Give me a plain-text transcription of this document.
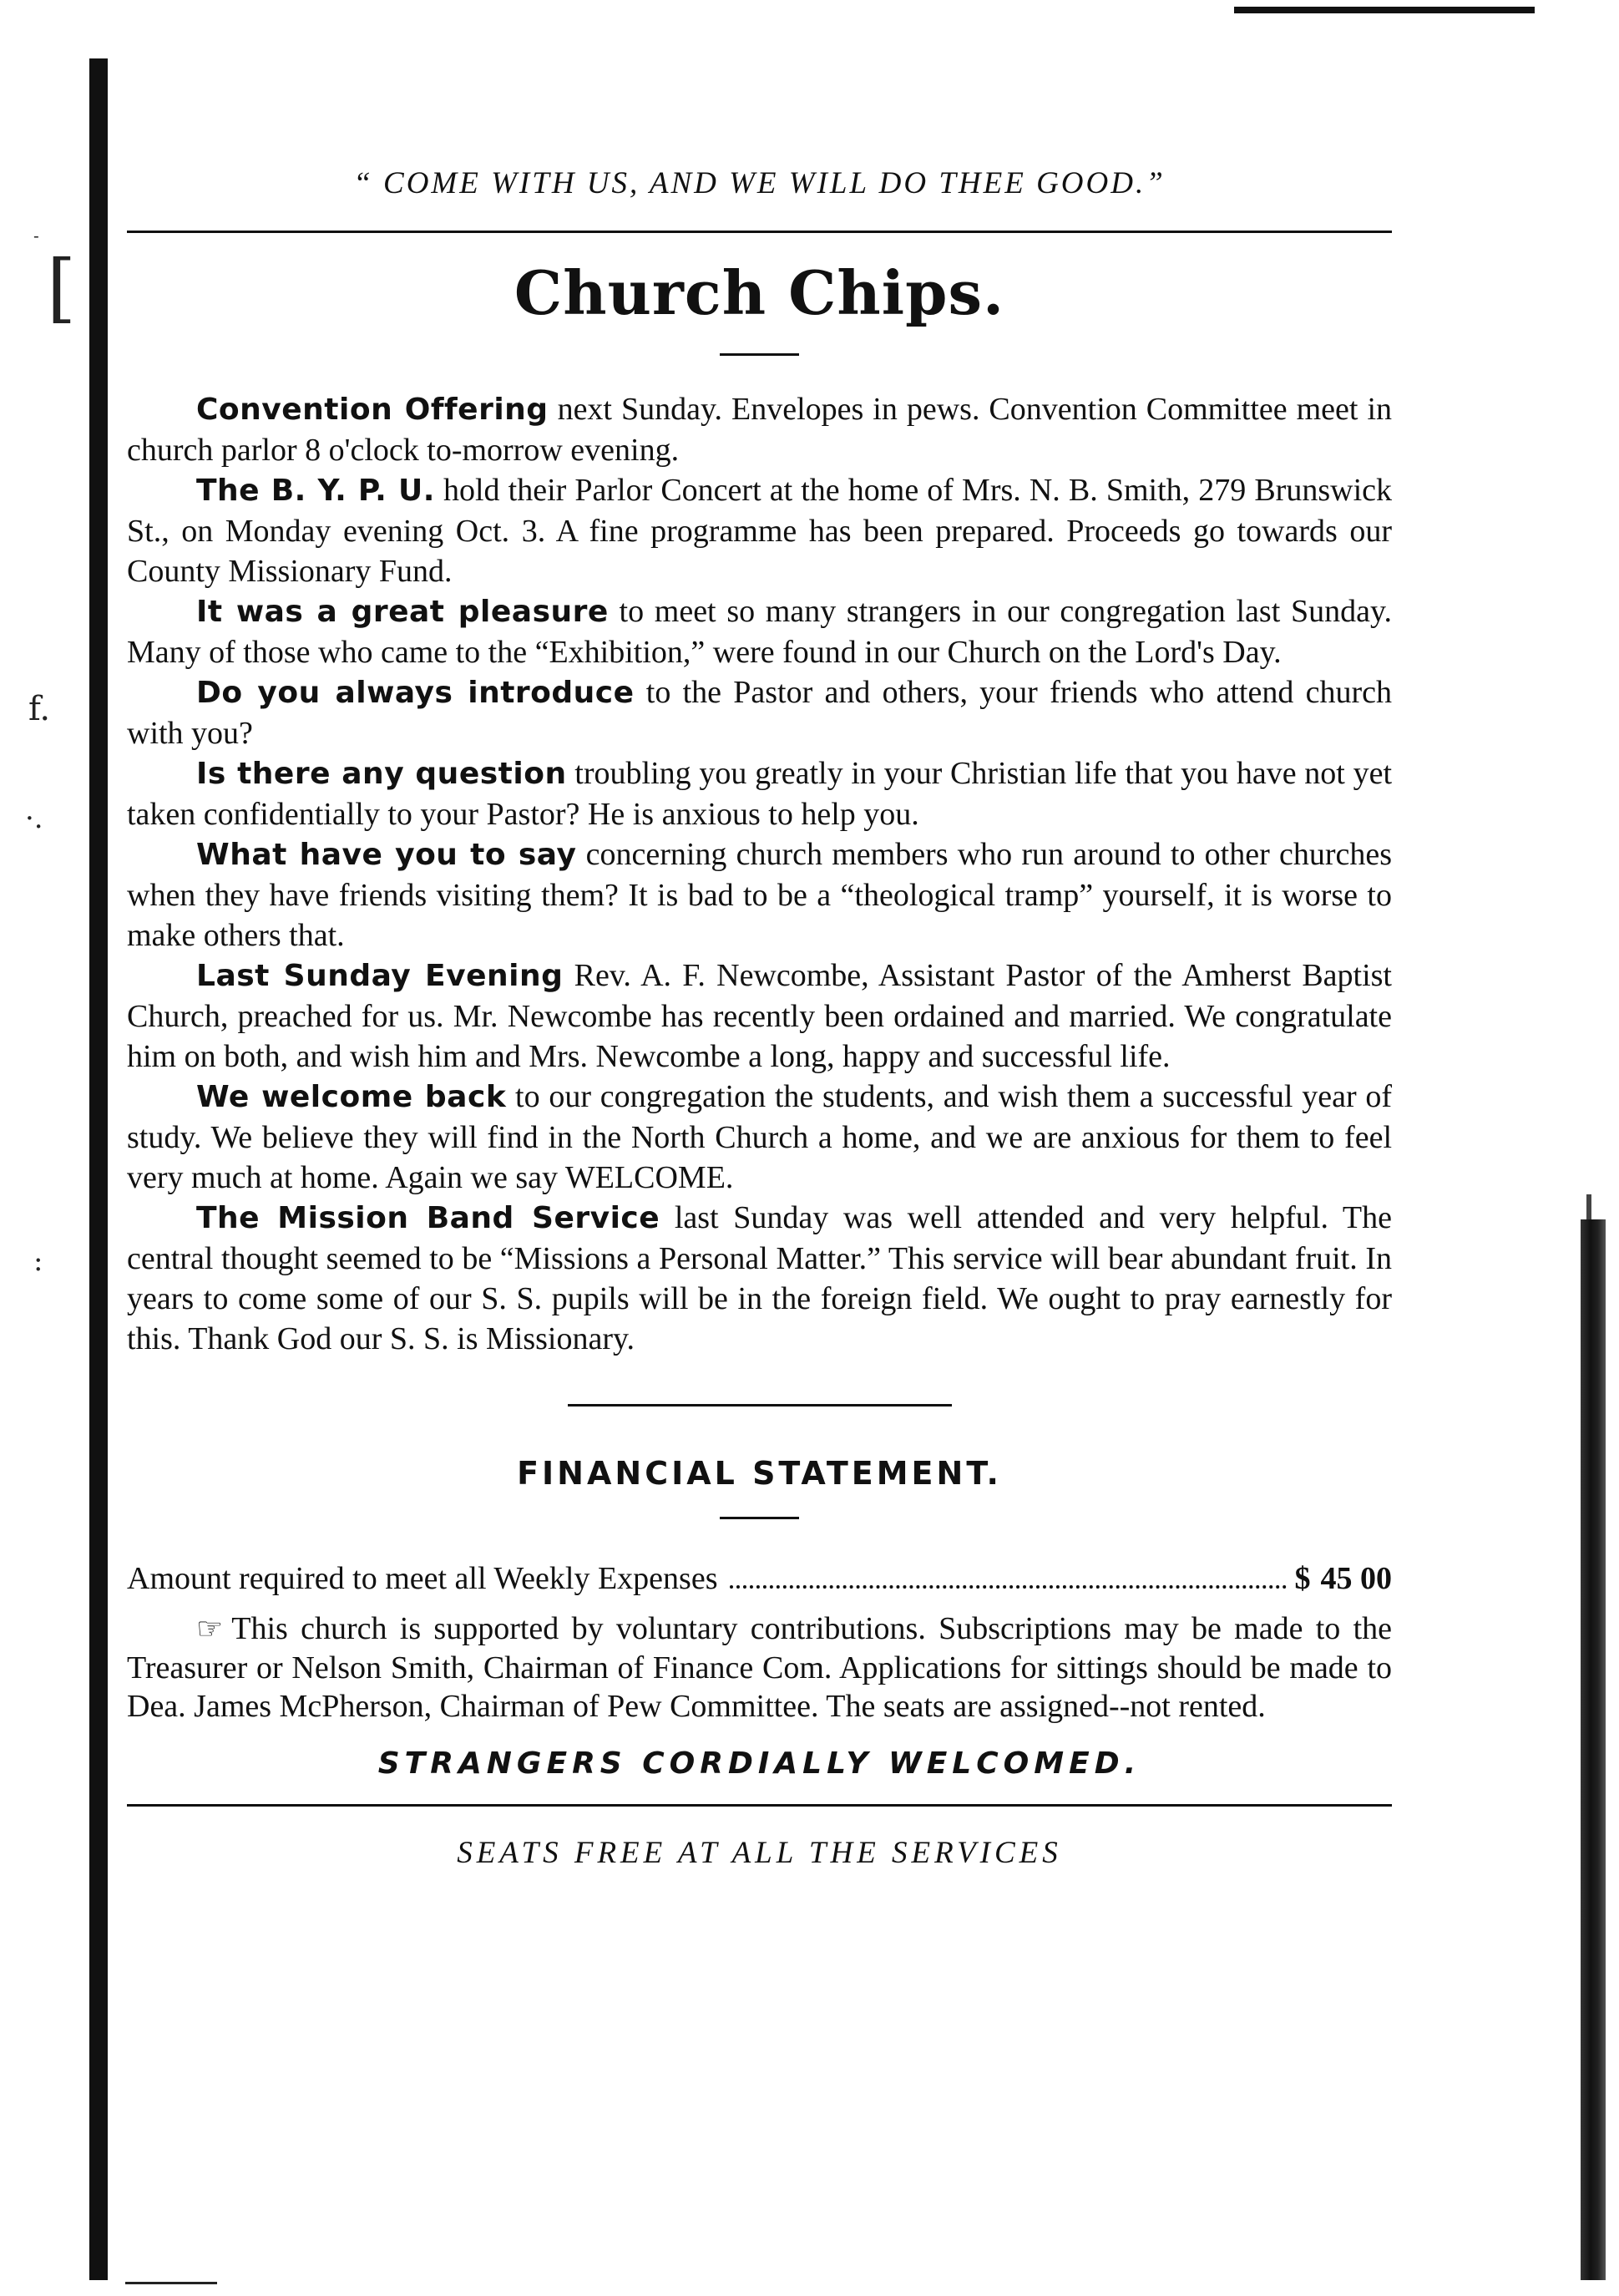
-
[
f.
·.
:

“ COME WITH US, AND WE WILL DO THEE GOOD.”

Church Chips.

Convention Offering next Sunday. Envelopes in pews. Convention Committee meet in church parlor 8 o'clock to-morrow evening.

The B. Y. P. U. hold their Parlor Concert at the home of Mrs. N. B. Smith, 279 Brunswick St., on Monday evening Oct. 3. A fine programme has been prepared. Proceeds go towards our County Missionary Fund.

It was a great pleasure to meet so many strangers in our congregation last Sunday. Many of those who came to the “Exhibition,” were found in our Church on the Lord's Day.

Do you always introduce to the Pastor and others, your friends who attend church with you?

Is there any question troubling you greatly in your Christian life that you have not yet taken confidentially to your Pastor? He is anxious to help you.

What have you to say concerning church members who run around to other churches when they have friends visiting them? It is bad to be a “theological tramp” yourself, it is worse to make others that.

Last Sunday Evening Rev. A. F. Newcombe, Assistant Pastor of the Amherst Baptist Church, preached for us. Mr. Newcombe has recently been ordained and married. We congratulate him on both, and wish him and Mrs. Newcombe a long, happy and successful life.

We welcome back to our congregation the students, and wish them a successful year of study. We believe they will find in the North Church a home, and we are anxious for them to feel very much at home. Again we say WELCOME.

The Mission Band Service last Sunday was well attended and very helpful. The central thought seemed to be “Missions a Personal Matter.” This service will bear abundant fruit. In years to come some of our S. S. pupils will be in the foreign field. We ought to pray earnestly for this. Thank God our S. S. is Missionary.

FINANCIAL STATEMENT.
Amount required to meet all Weekly Expenses	$ 45 00

☞ This church is supported by voluntary contributions. Subscriptions may be made to the Treasurer or Nelson Smith, Chairman of Finance Com. Applications for sittings should be made to Dea. James McPherson, Chairman of Pew Committee. The seats are assigned--not rented.

STRANGERS CORDIALLY WELCOMED.

SEATS FREE AT ALL THE SERVICES
